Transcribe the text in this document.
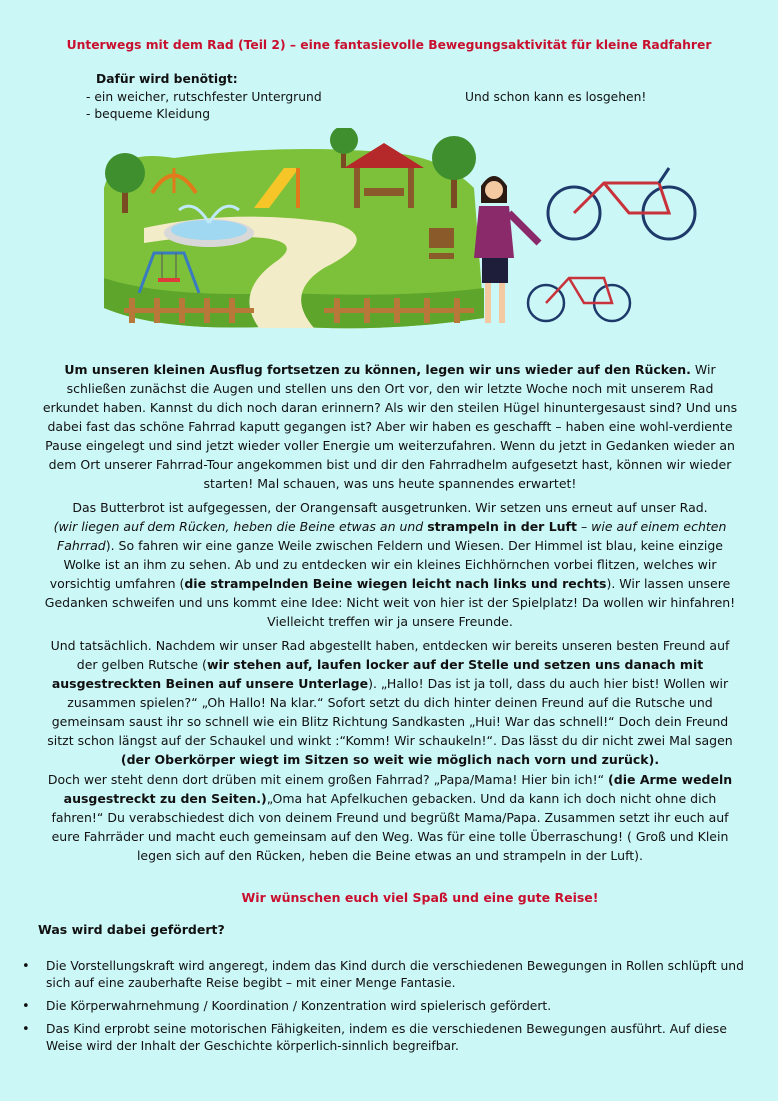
Unterwegs mit dem Rad (Teil 2) – eine fantasievolle Bewegungsaktivität für kleine Radfahrer
Dafür wird benötigt:
- ein weicher, rutschfester Untergrund
- bequeme Kleidung
Und schon kann es losgehen!

Um unseren kleinen Ausflug fortsetzen zu können, legen wir uns wieder auf den Rücken. Wir schließen zunächst die Augen und stellen uns den Ort vor, den wir letzte Woche noch mit unserem Rad erkundet haben. Kannst du dich noch daran erinnern? Als wir den steilen Hügel hinuntergesaust sind? Und uns dabei fast das schöne Fahrrad kaputt gegangen ist? Aber wir haben es geschafft – haben eine wohl-verdiente Pause eingelegt und sind jetzt wieder voller Energie um weiterzufahren. Wenn du jetzt in Gedanken wieder an dem Ort unserer Fahrrad-Tour angekommen bist und dir den Fahrradhelm aufgesetzt hast, können wir wieder starten! Mal schauen, was uns heute spannendes erwartet!

Das Butterbrot ist aufgegessen, der Orangensaft ausgetrunken. Wir setzen uns erneut auf unser Rad.
(wir liegen auf dem Rücken, heben die Beine etwas an und strampeln in der Luft – wie auf einem echten Fahrrad). So fahren wir eine ganze Weile zwischen Feldern und Wiesen. Der Himmel ist blau, keine einzige Wolke ist an ihm zu sehen. Ab und zu entdecken wir ein kleines Eichhörnchen vorbei flitzen, welches wir vorsichtig umfahren (die strampelnden Beine wiegen leicht nach links und rechts). Wir lassen unsere Gedanken schweifen und uns kommt eine Idee: Nicht weit von hier ist der Spielplatz! Da wollen wir hinfahren! Vielleicht treffen wir ja unsere Freunde.

Und tatsächlich. Nachdem wir unser Rad abgestellt haben, entdecken wir bereits unseren besten Freund auf der gelben Rutsche (wir stehen auf, laufen locker auf der Stelle und setzen uns danach mit ausgestreckten Beinen auf unsere Unterlage). „Hallo! Das ist ja toll, dass du auch hier bist! Wollen wir zusammen spielen?“ „Oh Hallo! Na klar.“ Sofort setzt du dich hinter deinen Freund auf die Rutsche und gemeinsam saust ihr so schnell wie ein Blitz Richtung Sandkasten „Hui! War das schnell!“ Doch dein Freund sitzt schon längst auf der Schaukel und winkt :“Komm! Wir schaukeln!“. Das lässt du dir nicht zwei Mal sagen (der Oberkörper wiegt im Sitzen so weit wie möglich nach vorn und zurück).

Doch wer steht denn dort drüben mit einem großen Fahrrad? „Papa/Mama! Hier bin ich!“ (die Arme wedeln ausgestreckt zu den Seiten.)„Oma hat Apfelkuchen gebacken. Und da kann ich doch nicht ohne dich fahren!“ Du verabschiedest dich von deinem Freund und begrüßt Mama/Papa. Zusammen setzt ihr euch auf eure Fahrräder und macht euch gemeinsam auf den Weg. Was für eine tolle Überraschung! ( Groß und Klein legen sich auf den Rücken, heben die Beine etwas an und strampeln in der Luft).

Wir wünschen euch viel Spaß und eine gute Reise!
Was wird dabei gefördert?
• Die Vorstellungskraft wird angeregt, indem das Kind durch die verschiedenen Bewegungen in Rollen schlüpft und sich auf eine zauberhafte Reise begibt – mit einer Menge Fantasie.
• Die Körperwahrnehmung / Koordination / Konzentration wird spielerisch gefördert.
• Das Kind erprobt seine motorischen Fähigkeiten, indem es die verschiedenen Bewegungen ausführt. Auf diese Weise wird der Inhalt der Geschichte körperlich-sinnlich begreifbar.
